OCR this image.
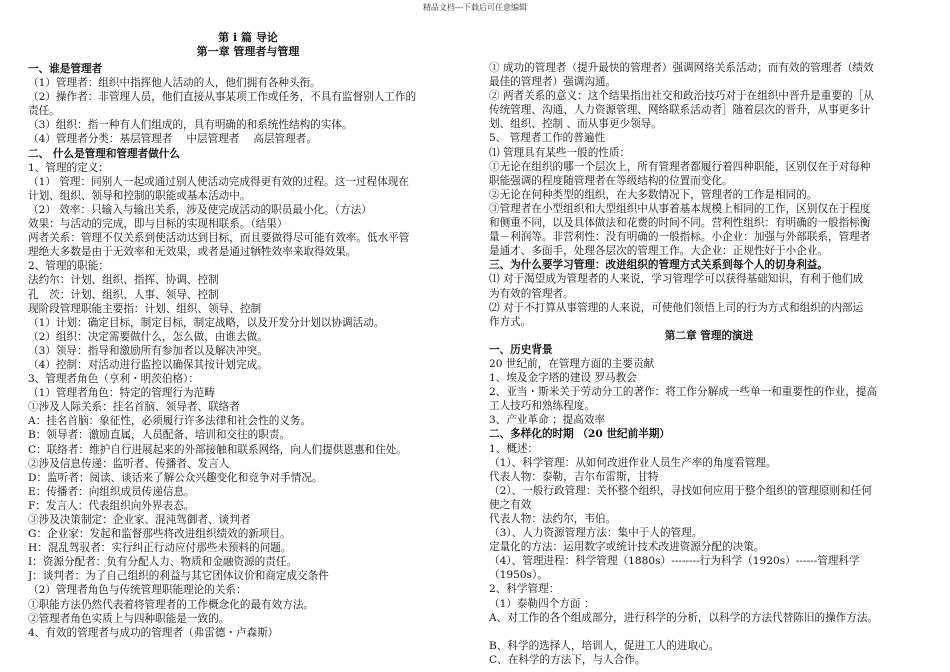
精品文档---下载后可任意编辑
第 i 篇 导论
第一章 管理者与管理
一、谁是管理者
（1）管理者：组织中指挥他人活动的人，他们拥有各种头衔。
（2）操作者：非管理人员，他们直接从事某项工作或任务，不具有监督别人工作的
责任。
（3）组织：指一种有人们组成的，具有明确的和系统性结构的实体。
（4）管理者分类：基层管理者　 中层管理者　 高层管理者。
二、 什么是管理和管理者做什么
1、管理的定义：
（1） 管理：同别人一起或通过别人使活动完成得更有效的过程。这一过程体现在
计划、组织、领导和控制的职能或基本活动中。
（2） 效率：只输入与输出关系，涉及使完成活动的职员最小化。（方法）
效果：与活动的完成，即与目标的实现相联系。（结果）
两者关系：管理不仅关系到使活动达到目标，而且要做得尽可能有效率。低水平管
理绝大多数是由于无效率和无效果，或者是通过牺牲效率来取得效果。
2、管理的职能：
法约尔：计划、组织、指挥、协调、控制
孔　茨：计划、组织、人事、领导、控制
现阶段管理职能主要指：计划、组织、领导、控制
（1）计划：确定目标，制定目标，制定战略，以及开发分计划以协调活动。
（2）组织：决定需要做什么，怎么做，由谁去做。
（3）领导：指导和激励所有参加者以及解决冲突。
（4）控制：对活动进行监控以确保其按计划完成。
3、管理者角色（亨利・明茨伯格）：
（1）管理者角色：特定的管理行为范畴
①涉及人际关系：挂名首脑、领导者、联络者
A：挂名首脑：象征性，必须履行许多法律和社会性的义务。
B：领导者：激励直属，人员配备、培训和交往的职责。
C：联络者：维护自行进展起来的外部接触和联系网络，向人们提供恩惠和住处。
②涉及信息传递：监听者、传播者、发言人
D：监听者：阅读、谈话来了解公众兴趣变化和竞争对手情况。
E：传播者：向组织成员传递信息。
F：发言人：代表组织向外界表态。
③涉及决策制定：企业家、混沌驾御者、谈判者
G：企业家：发起和监督那些将改进组织绩效的新项目。
H：混乱驾驭者：实行纠正行动应付那些未预料的问题。
I：资源分配者：负有分配人力、物质和金融资源的责任。
J：谈判者：为了自己组织的利益与其它团体议价和商定成交条件
（2）管理者角色与传统管理职能理论的关系：
①职能方法仍然代表着将管理者的工作概念化的最有效方法。
②管理者角色实质上与四种职能是一致的。
4、有效的管理者与成功的管理者（弗雷德・卢森斯）
① 成功的管理者（提升最快的管理者）强调网络关系活动；而有效的管理者（绩效
最佳的管理者）强调沟通。
② 两者关系的意义：这个结果指出社交和政治技巧对于在组织中晋升是重要的［从
传统管理、沟通、人力资源管理、网络联系活动者］随着层次的晋升，从事更多计
划、组织、控制 、而从事更少领导。
5、 管理者工作的普遍性
⑴ 管理具有某些一般的性质：
①无论在组织的哪一个层次上，所有管理者都履行着四种职能，区别仅在于对每种
职能强调的程度随管理者在等级结构的位置而变化。
②无论在何种类型的组织，在大多数情况下，管理者的工作是相同的。
③管理者在小型组织和大型组织中从事着基本规模上相同的工作，区别仅在于程度
和侧重不同，以及具体做法和花费的时间不同。营利性组织：有明确的一般指标衡
量－利润等。非营利性：没有明确的一般指标。小企业：加强与外部联系，管理者
是通才、多面手，处理各层次的管理工作。大企业：正规性好于小企业。
三、为什么要学习管理：改进组织的管理方式关系到每个人的切身利益。
⑴ 对于渴望成为管理者的人来说，学习管理学可以获得基础知识，有利于他们成
为有效的管理者。
⑵ 对于不打算从事管理的人来说，可使他们领悟上司的行为方式和组织的内部运
作方式。
第二章 管理的演进
一、历史背景
20 世纪前，在管理方面的主要贡献
1、埃及金字塔的建设 罗马教会
2、亚当・斯米关于劳动分工的著作：将工作分解成一些单一和重要性的作业，提高
工人技巧和熟练程度。
3、产业革命 ；提高效率
二、多样化的时期 （20 世纪前半期）
1、概述：
（1）、科学管理：从如何改进作业人员生产率的角度看管理。
代表人物：泰勒，吉尔布雷斯，甘特
（2）、一般行政管理：关怀整个组织，寻找如何应用于整个组织的管理原则和任何
使之有效
代表人物：法约尔，韦伯。
（3）、人力资源管理方法：集中于人的管理。
定量化的方法：运用数字或统计技术改进资源分配的决策。
（4）、管理进程：科学管理（1880s）--------行为科学（1920s）------管理科学
（1950s）。
2、科学管理：
（1）泰勒四个方面 ：
A、对工作的各个组成部分，进行科学的分析，以科学的方法代替陈旧的操作方法。
B、科学的选择人，培训人，促进工人的进取心。
C、在科学的方法下，与人合作。
